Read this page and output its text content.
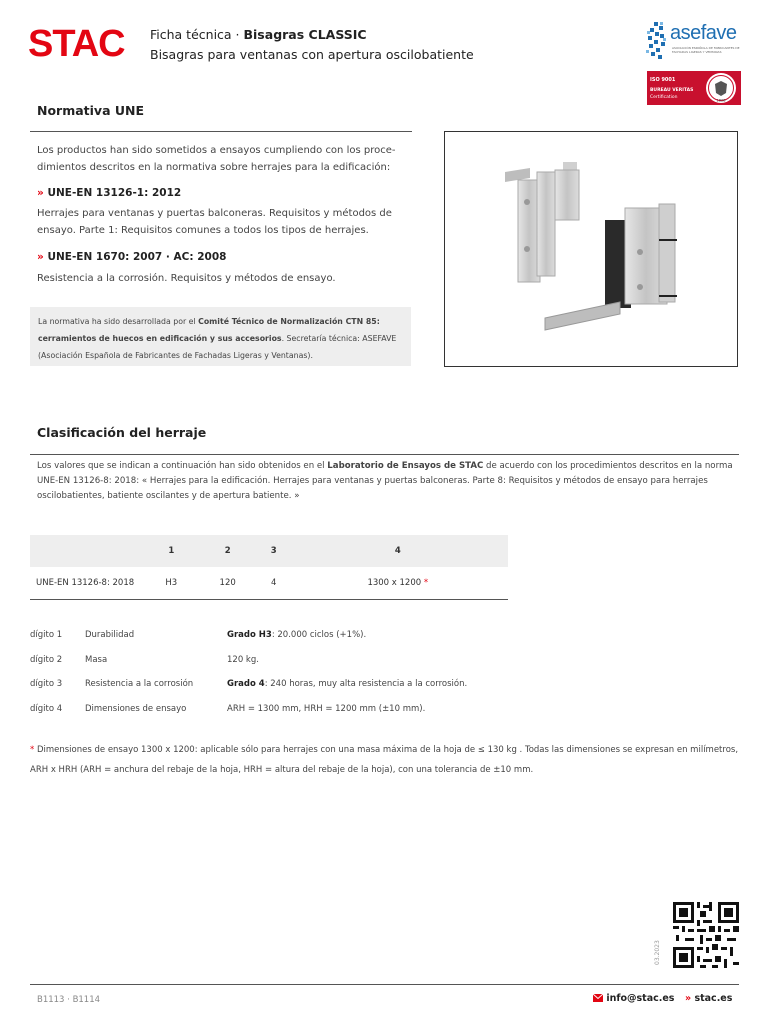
STAC Ficha técnica · Bisagras CLASSIC
Bisagras para ventanas con apertura oscilobatiente
asefave
ASOCIACIÓN ESPAÑOLA DE FABRICANTES DE FACHADAS LIGERAS Y VENTANAS
ISO 9001
BUREAU VERITAS
Certification
1828
Normativa UNE
Los productos han sido sometidos a ensayos cumpliendo con los proce-
dimientos descritos en la normativa sobre herrajes para la edificación:
» UNE-EN 13126-1: 2012
Herrajes para ventanas y puertas balconeras. Requisitos y métodos de
ensayo. Parte 1: Requisitos comunes a todos los tipos de herrajes.
» UNE-EN 1670: 2007 · AC: 2008
Resistencia a la corrosión. Requisitos y métodos de ensayo.

La normativa ha sido desarrollada por el Comité Técnico de Normalización CTN 85: cerramientos de huecos en edificación y sus accesorios. Secretaría técnica: ASEFAVE (Asociación Española de Fabricantes de Fachadas Ligeras y Ventanas).

Clasificación del herraje
Los valores que se indican a continuación han sido obtenidos en el Laboratorio de Ensayos de STAC de acuerdo con los procedimientos descritos en la norma UNE-EN 13126-8: 2018: « Herrajes para la edificación. Herrajes para ventanas y puertas balconeras. Parte 8: Requisitos y métodos de ensayo para herrajes oscilobatientes, batiente oscilantes y de apertura batiente. »
	1	2	3	4
UNE-EN 13126-8: 2018	H3	120	4	1300 x 1200 *
dígito 1	Durabilidad	Grado H3: 20.000 ciclos (+1%).
dígito 2	Masa	120 kg.
dígito 3	Resistencia a la corrosión	Grado 4: 240 horas, muy alta resistencia a la corrosión.
dígito 4	Dimensiones de ensayo	ARH = 1300 mm, HRH = 1200 mm (±10 mm).
* Dimensiones de ensayo 1300 x 1200: aplicable sólo para herrajes con una masa máxima de la hoja de ≤ 130 kg . Todas las dimensiones se expresan en milímetros, ARH x HRH (ARH = anchura del rebaje de la hoja, HRH = altura del rebaje de la hoja), con una tolerancia de ±10 mm.
03.2023
B1113 · B1114	info@stac.es » stac.es
